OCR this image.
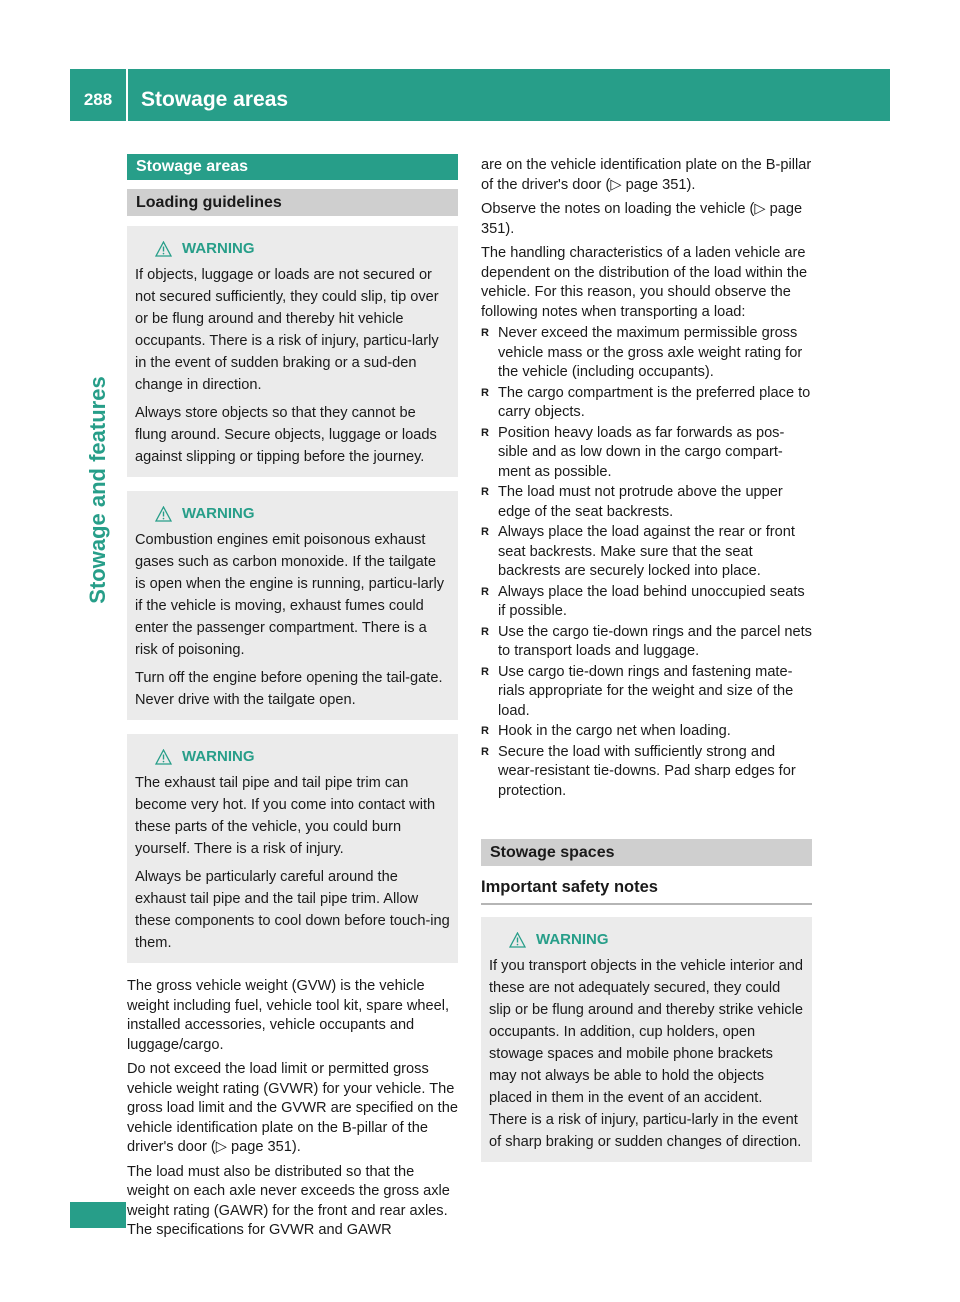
288	Stowage areas
Stowage and features
Stowage areas
Loading guidelines
WARNING

If objects, luggage or loads are not secured or not secured sufficiently, they could slip, tip over or be flung around and thereby hit vehicle occupants. There is a risk of injury, particu-larly in the event of sudden braking or a sud-den change in direction.

Always store objects so that they cannot be flung around. Secure objects, luggage or loads against slipping or tipping before the journey.

WARNING

Combustion engines emit poisonous exhaust gases such as carbon monoxide. If the tailgate is open when the engine is running, particu-larly if the vehicle is moving, exhaust fumes could enter the passenger compartment. There is a risk of poisoning.

Turn off the engine before opening the tail-gate. Never drive with the tailgate open.

WARNING

The exhaust tail pipe and tail pipe trim can become very hot. If you come into contact with these parts of the vehicle, you could burn yourself. There is a risk of injury.

Always be particularly careful around the exhaust tail pipe and the tail pipe trim. Allow these components to cool down before touch-ing them.

The gross vehicle weight (GVW) is the vehicle weight including fuel, vehicle tool kit, spare wheel, installed accessories, vehicle occupants and luggage/cargo.

Do not exceed the load limit or permitted gross vehicle weight rating (GVWR) for your vehicle. The gross load limit and the GVWR are specified on the vehicle identification plate on the B-pillar of the driver's door (▷ page 351).

The load must also be distributed so that the weight on each axle never exceeds the gross axle weight rating (GAWR) for the front and rear axles. The specifications for GVWR and GAWR

are on the vehicle identification plate on the B-pillar of the driver's door (▷ page 351).

Observe the notes on loading the vehicle (▷ page 351).

The handling characteristics of a laden vehicle are dependent on the distribution of the load within the vehicle. For this reason, you should observe the following notes when transporting a load:

R Never exceed the maximum permissible gross vehicle mass or the gross axle weight rating for the vehicle (including occupants).
R The cargo compartment is the preferred place to carry objects.
R Position heavy loads as far forwards as pos-sible and as low down in the cargo compart-ment as possible.
R The load must not protrude above the upper edge of the seat backrests.
R Always place the load against the rear or front seat backrests. Make sure that the seat backrests are securely locked into place.
R Always place the load behind unoccupied seats if possible.
R Use the cargo tie-down rings and the parcel nets to transport loads and luggage.
R Use cargo tie-down rings and fastening mate-rials appropriate for the weight and size of the load.
R Hook in the cargo net when loading.
R Secure the load with sufficiently strong and wear-resistant tie-downs. Pad sharp edges for protection.
Stowage spaces
Important safety notes
WARNING

If you transport objects in the vehicle interior and these are not adequately secured, they could slip or be flung around and thereby strike vehicle occupants. In addition, cup holders, open stowage spaces and mobile phone brackets may not always be able to hold the objects placed in them in the event of an accident. There is a risk of injury, particu-larly in the event of sharp braking or sudden changes of direction.
